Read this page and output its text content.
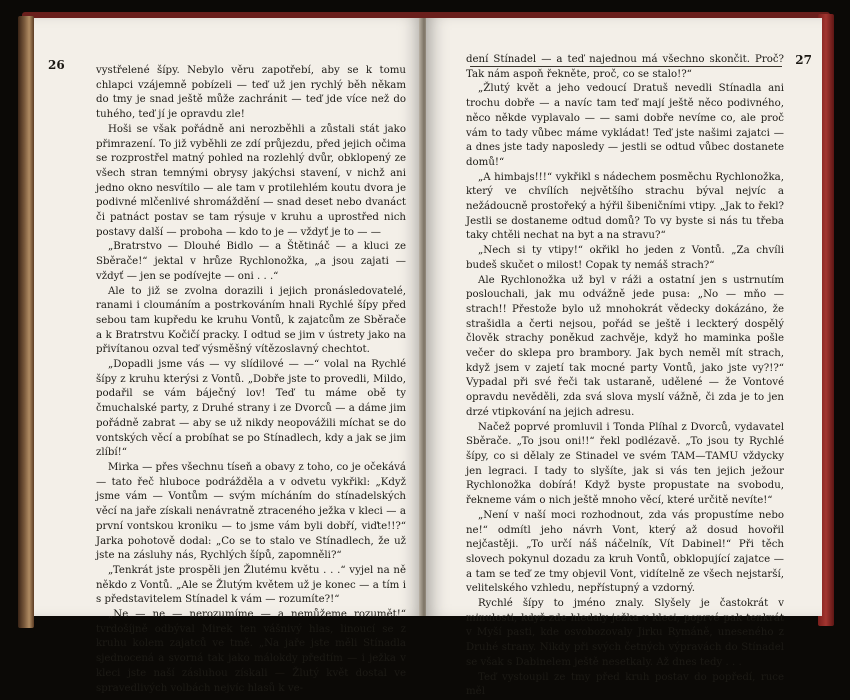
26	vystřelené šípy. Nebylo věru zapotřebí, aby se k tomu chlapci vzájemně pobízeli — teď už jen rychlý běh někam do tmy je snad ještě může zachránit — teď jde více než do tuhého, teď jí je opravdu zle!

Hoši se však pořádně ani nerozběhli a zůstali stát jako přimrazení. To již vyběhli ze zdí průjezdu, před jejich očima se rozprostřel matný pohled na rozlehlý dvůr, obklopený ze všech stran temnými obrysy jakýchsi stavení, v nichž ani jedno okno nesvítilo — ale tam v protilehlém koutu dvora je podivné mlčenlivé shromáždění — snad deset nebo dvanáct či patnáct postav se tam rýsuje v kruhu a uprostřed nich postavy další — proboha — kdo to je — vždyť je to — —

„Bratrstvo — Dlouhé Bidlo — a Štětináč — a kluci ze Sběrače!“ jektal v hrůze Rychlonožka, „a jsou zajati — vždyť — jen se podívejte — oni . . .“

Ale to již se zvolna dorazili i jejich pronásledovatelé, ranami i cloumáním a postrkováním hnali Rychlé šípy před sebou tam kupředu ke kruhu Vontů, k zajatcům ze Sběrače a k Bratrstvu Kočičí pracky. I odtud se jim v ústrety jako na přivítanou ozval teď výsměšný vítězoslavný chechtot.

„Dopadli jsme vás — vy slídilové — —“ volal na Rychlé šípy z kruhu kterýsi z Vontů. „Dobře jste to provedli, Mildo, podařil se vám báječný lov! Teď tu máme obě ty čmuchalské party, z Druhé strany i ze Dvorců — a dáme jim pořádně zabrat — aby se už nikdy neopovážili míchat se do vontských věcí a probíhat se po Stínadlech, kdy a jak se jim zlíbí!“

Mirka — přes všechnu tíseň a obavy z toho, co je očekává — tato řeč hluboce podrážděla a v odvetu vykřikl: „Když jsme vám — Vontům — svým mícháním do stínadelských věcí na jaře získali nenávratně ztraceného ježka v kleci — a první vontskou kroniku — to jsme vám byli dobří, viďte!!?“ Jarka pohotově dodal: „Co se to stalo ve Stínadlech, že už jste na zásluhy nás, Rychlých šípů, zapomněli?“

„Tenkrát jste prospěli jen Žlutému květu . . .“ vyjel na ně někdo z Vontů. „Ale se Žlutým květem už je konec — a tím i s představitelem Stínadel k vám — rozumíte?!“

„Ne — ne — nerozumíme — a nemůžeme rozumět!“ tvrdošíjně odbýval Mirek ten vášnivý hlas, linoucí se z kruhu kolem zajatců ve tmě. „Na jaře jste měli Stínadla sjednocená a svorná tak jako málokdy předtím — i ježka v kleci jste naší zásluhou získali — Žlutý květ dostal ve spravedlivých volbách nejvíc hlasů k ve-

27

dení Stínadel — a teď najednou má všechno skončit. Proč? Tak nám aspoň řekněte, proč, co se stalo!?“

„Žlutý květ a jeho vedoucí Dratuš nevedli Stínadla ani trochu dobře — a navíc tam teď mají ještě něco podivného, něco někde vyplavalo — — sami dobře nevíme co, ale proč vám to tady vůbec máme vykládat! Teď jste našimi zajatci — a dnes jste tady naposledy — jestli se odtud vůbec dostanete domů!“

„A himbajs!!!“ vykřikl s nádechem posměchu Rychlonožka, který ve chvílích největšího strachu býval nejvíc a nežádoucně prostořeký a hýřil šibeničními vtipy. „Jak to řekl? Jestli se dostaneme odtud domů? To vy byste si nás tu třeba taky chtěli nechat na byt a na stravu?“

„Nech si ty vtipy!“ okřikl ho jeden z Vontů. „Za chvíli budeš skučet o milost! Copak ty nemáš strach?“

Ale Rychlonožka už byl v ráži a ostatní jen s ustrnutím poslouchali, jak mu odvážně jede pusa: „No — mňo — strach!! Přestože bylo už mnohokrát vědecky dokázáno, že strašidla a čerti nejsou, pořád se ještě i leckterý dospělý člověk strachy poněkud zachvěje, když ho maminka pošle večer do sklepa pro brambory. Jak bych neměl mít strach, když jsem v zajetí tak mocné party Vontů, jako jste vy?!?“ Vypadal při své řeči tak ustaraně, udělené — že Vontové opravdu nevěděli, zda svá slova myslí vážně, či zda je to jen drzé vtipkování na jejich adresu.

Načež poprvé promluvil i Tonda Plíhal z Dvorců, vydavatel Sběrače. „To jsou oni!!“ řekl podlézavě. „To jsou ty Rychlé šípy, co si dělaly ze Stinadel ve svém TAM—TAMU vždycky jen legraci. I tady to slyšíte, jak si vás ten jejich ježour Rychlonožka dobírá! Když byste propustate na svobodu, řekneme vám o nich ještě mnoho věcí, které určitě nevíte!“

„Není v naší moci rozhodnout, zda vás propustíme nebo ne!“ odmítl jeho návrh Vont, který až dosud hovořil nejčastěji. „To určí náš náčelník, Vít Dabinel!“ Při těch slovech pokynul dozadu za kruh Vontů, obklopující zajatce — a tam se teď ze tmy objevil Vont, vidítelně ze všech nejstarší, velitelského vzhledu, nepřístupný a vzdorný.

Rychlé šípy to jméno znaly. Slyšely je častokrát v minulosti, když zde hledaly ježka v kleci, poprvé pak tenkrát v Myší pasti, kde osvobozovaly Jirku Rymáně, uneseného z Druhé strany. Nikdy při svých četných výpravách do Stínadel se však s Dabinelem ještě nesetkaly. Až dnes tedy . . .

Teď vystoupil ze tmy před kruh postav do popředí, ruce měl
